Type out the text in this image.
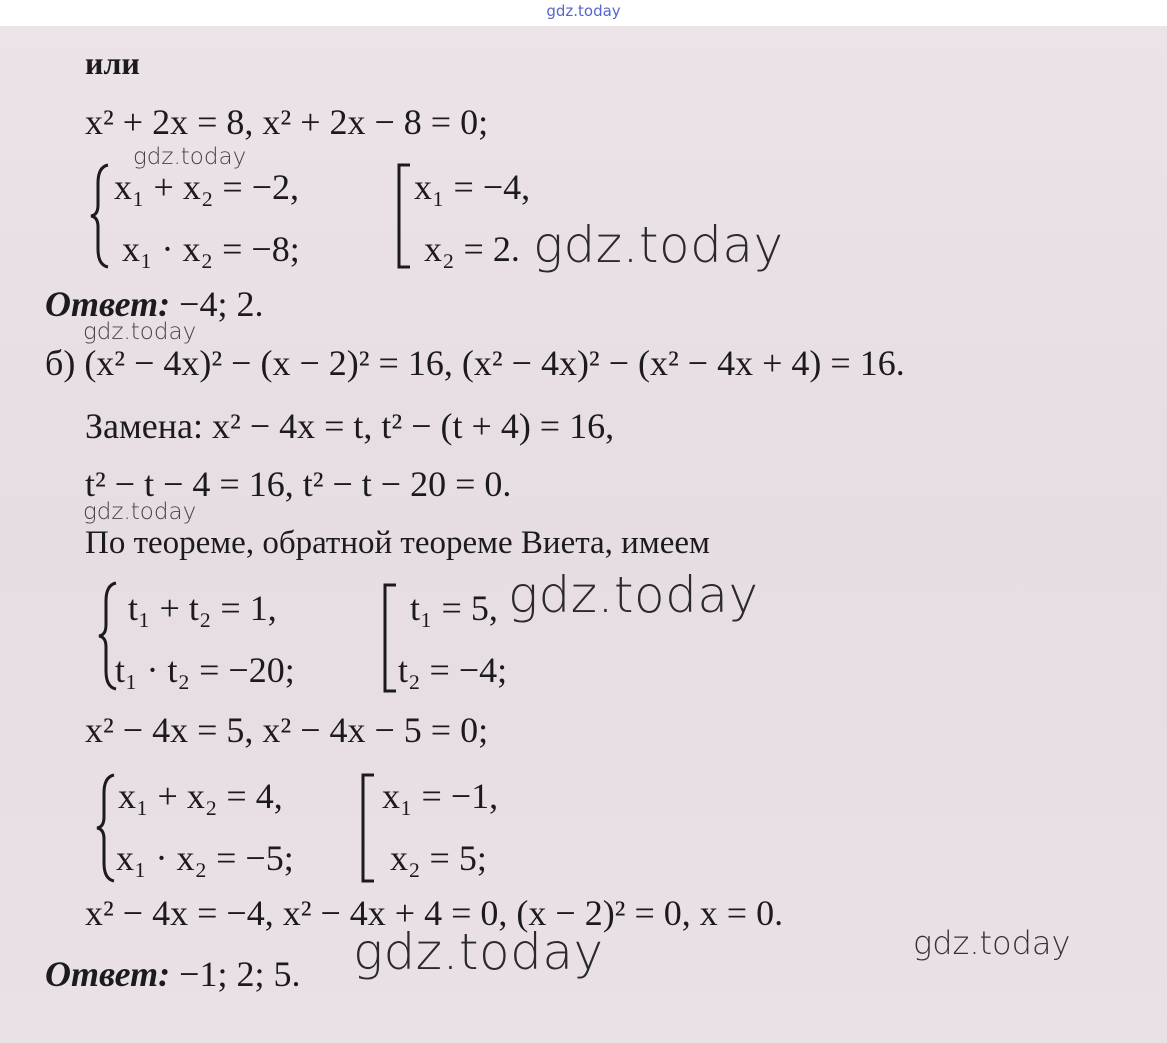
gdz.today
или
x² + 2x = 8, x² + 2x − 8 = 0;
x₁ + x₂ = −2,
x₁ · x₂ = −8;
x₁ = −4,
x₂ = 2.
Ответ: −4; 2.
б) (x² − 4x)² − (x − 2)² = 16, (x² − 4x)² − (x² − 4x + 4) = 16.
Замена: x² − 4x = t, t² − (t + 4) = 16,
t² − t − 4 = 16, t² − t − 20 = 0.
По теореме, обратной теореме Виета, имеем
t₁ + t₂ = 1,
t₁ · t₂ = −20;
t₁ = 5,
t₂ = −4;
x² − 4x = 5, x² − 4x − 5 = 0;
x₁ + x₂ = 4,
x₁ · x₂ = −5;
x₁ = −1,
x₂ = 5;
x² − 4x = −4, x² − 4x + 4 = 0, (x − 2)² = 0, x = 0.
Ответ: −1; 2; 5.
gdz.today
gdz.today
gdz.today
gdz.today
gdz.today
gdz.today	gdz.today
